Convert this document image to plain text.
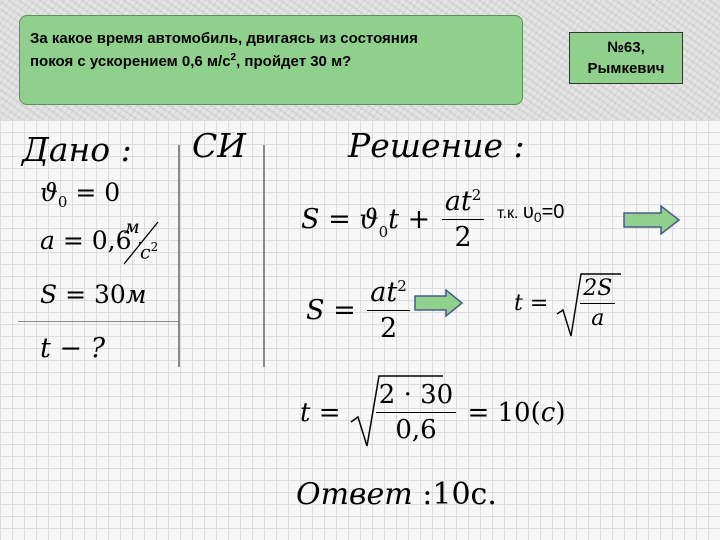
За какое время автомобиль, двигаясь из состояния
покоя с ускорением 0,6 $м/с^2$, пройдет 30 м?
№63,
Рымкевич
Дано : СИ	Решение :
$ϑ_0 = 0$
a = 0,6 ·
м
$с^2$
S = 30м
t − ?
$S = ϑ_0$ $t + \frac{at^2}{2} т.к$. $\upsilon_0=0$
$S = \frac{at^2}{2}$	$t = \frac{2S}{a}$
$t = \frac{2 \cdot 30}{0,6} = 10$( c )
Ответ :10c.
